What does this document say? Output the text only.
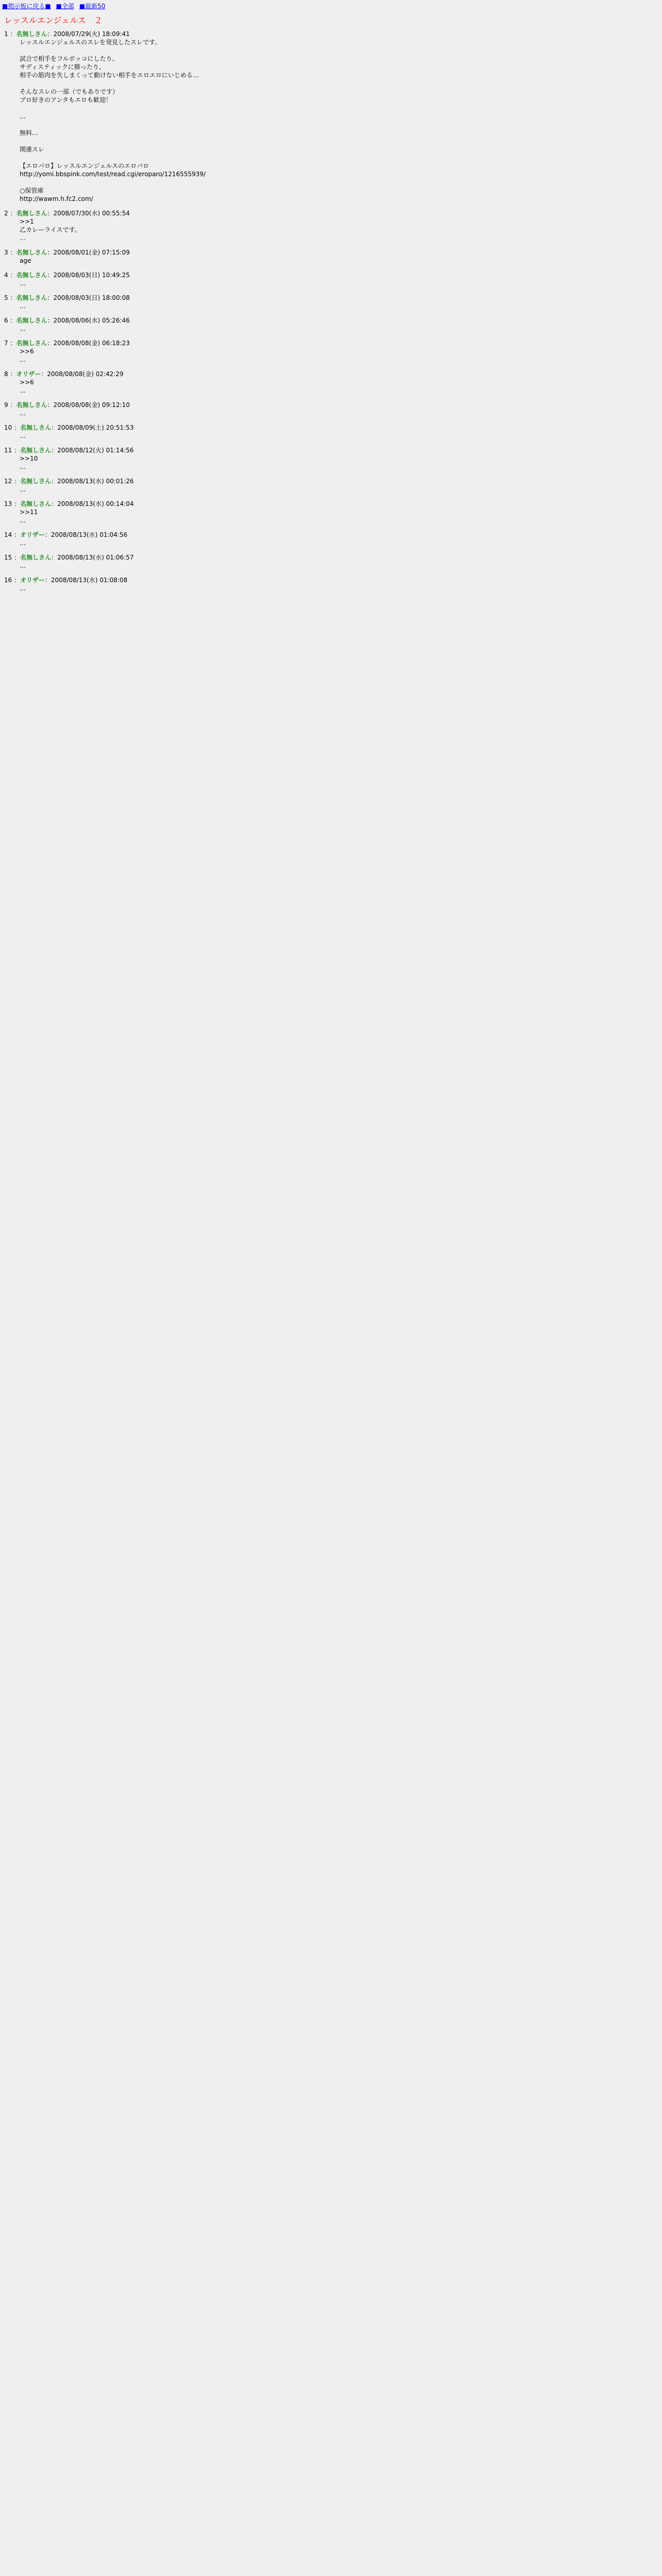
■掲示板に戻る■ ■全部 ■最新50
レッスルエンジェルス　２
1 ：名無しさん：2008/07/29(火) 18:09:41
レッスルエンジェルスのスレを発見したスレです。

試合で相手をフルボッコにしたり、
サディスティックに勝ったり、
相手の筋肉を失しまくって動けない相手をエロエロにいじめる…

そんなスレの一部（でもありです）
ブロ好きのアンタもエロも歓迎！

…

無料…

関連スレ

【エロパロ】レッスルエンジェルスのエロパロ
http://yomi.bbspink.com/test/read.cgi/eroparo/1216555939/

○保管庫
http://wawm.h.fc2.com/
2 ：名無しさん：2008/07/30(水) 00:55:54
>>1
乙カレーライスです。
…
3 ：名無しさん：2008/08/01(金) 07:15:09
age
4 ：名無しさん：2008/08/03(日) 10:49:25
…
5 ：名無しさん：2008/08/03(日) 18:00:08
…
6 ：名無しさん：2008/08/06(水) 05:26:46
…
7 ：名無しさん：2008/08/08(金) 06:18:23
>>6
…
8 ：オリザー：2008/08/08(金) 02:42:29
>>6
…
9 ：名無しさん：2008/08/08(金) 09:12:10
…
10 ：名無しさん：2008/08/09(土) 20:51:53
…
11 ：名無しさん：2008/08/12(火) 01:14:56
>>10
…
12 ：名無しさん：2008/08/13(水) 00:01:26
…
13 ：名無しさん：2008/08/13(水) 00:14:04
>>11
…
14 ：オリザー：2008/08/13(水) 01:04:56
…
15 ：名無しさん：2008/08/13(水) 01:06:57
…
16 ：オリザー：2008/08/13(水) 01:08:08
…
